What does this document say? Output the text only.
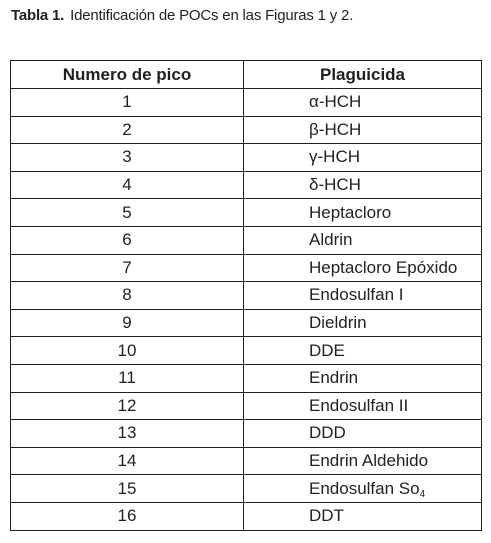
Tabla 1. Identificación de POCs en las Figuras 1 y 2.
Numero de pico	Plaguicida
1	α-HCH
2	β-HCH
3	γ-HCH
4	δ-HCH
5	Heptacloro
6	Aldrin
7	Heptacloro Epóxido
8	Endosulfan I
9	Dieldrin
10	DDE
11	Endrin
12	Endosulfan II
13	DDD
14	Endrin Aldehido
15	Endosulfan $So_4$
16	DDT
